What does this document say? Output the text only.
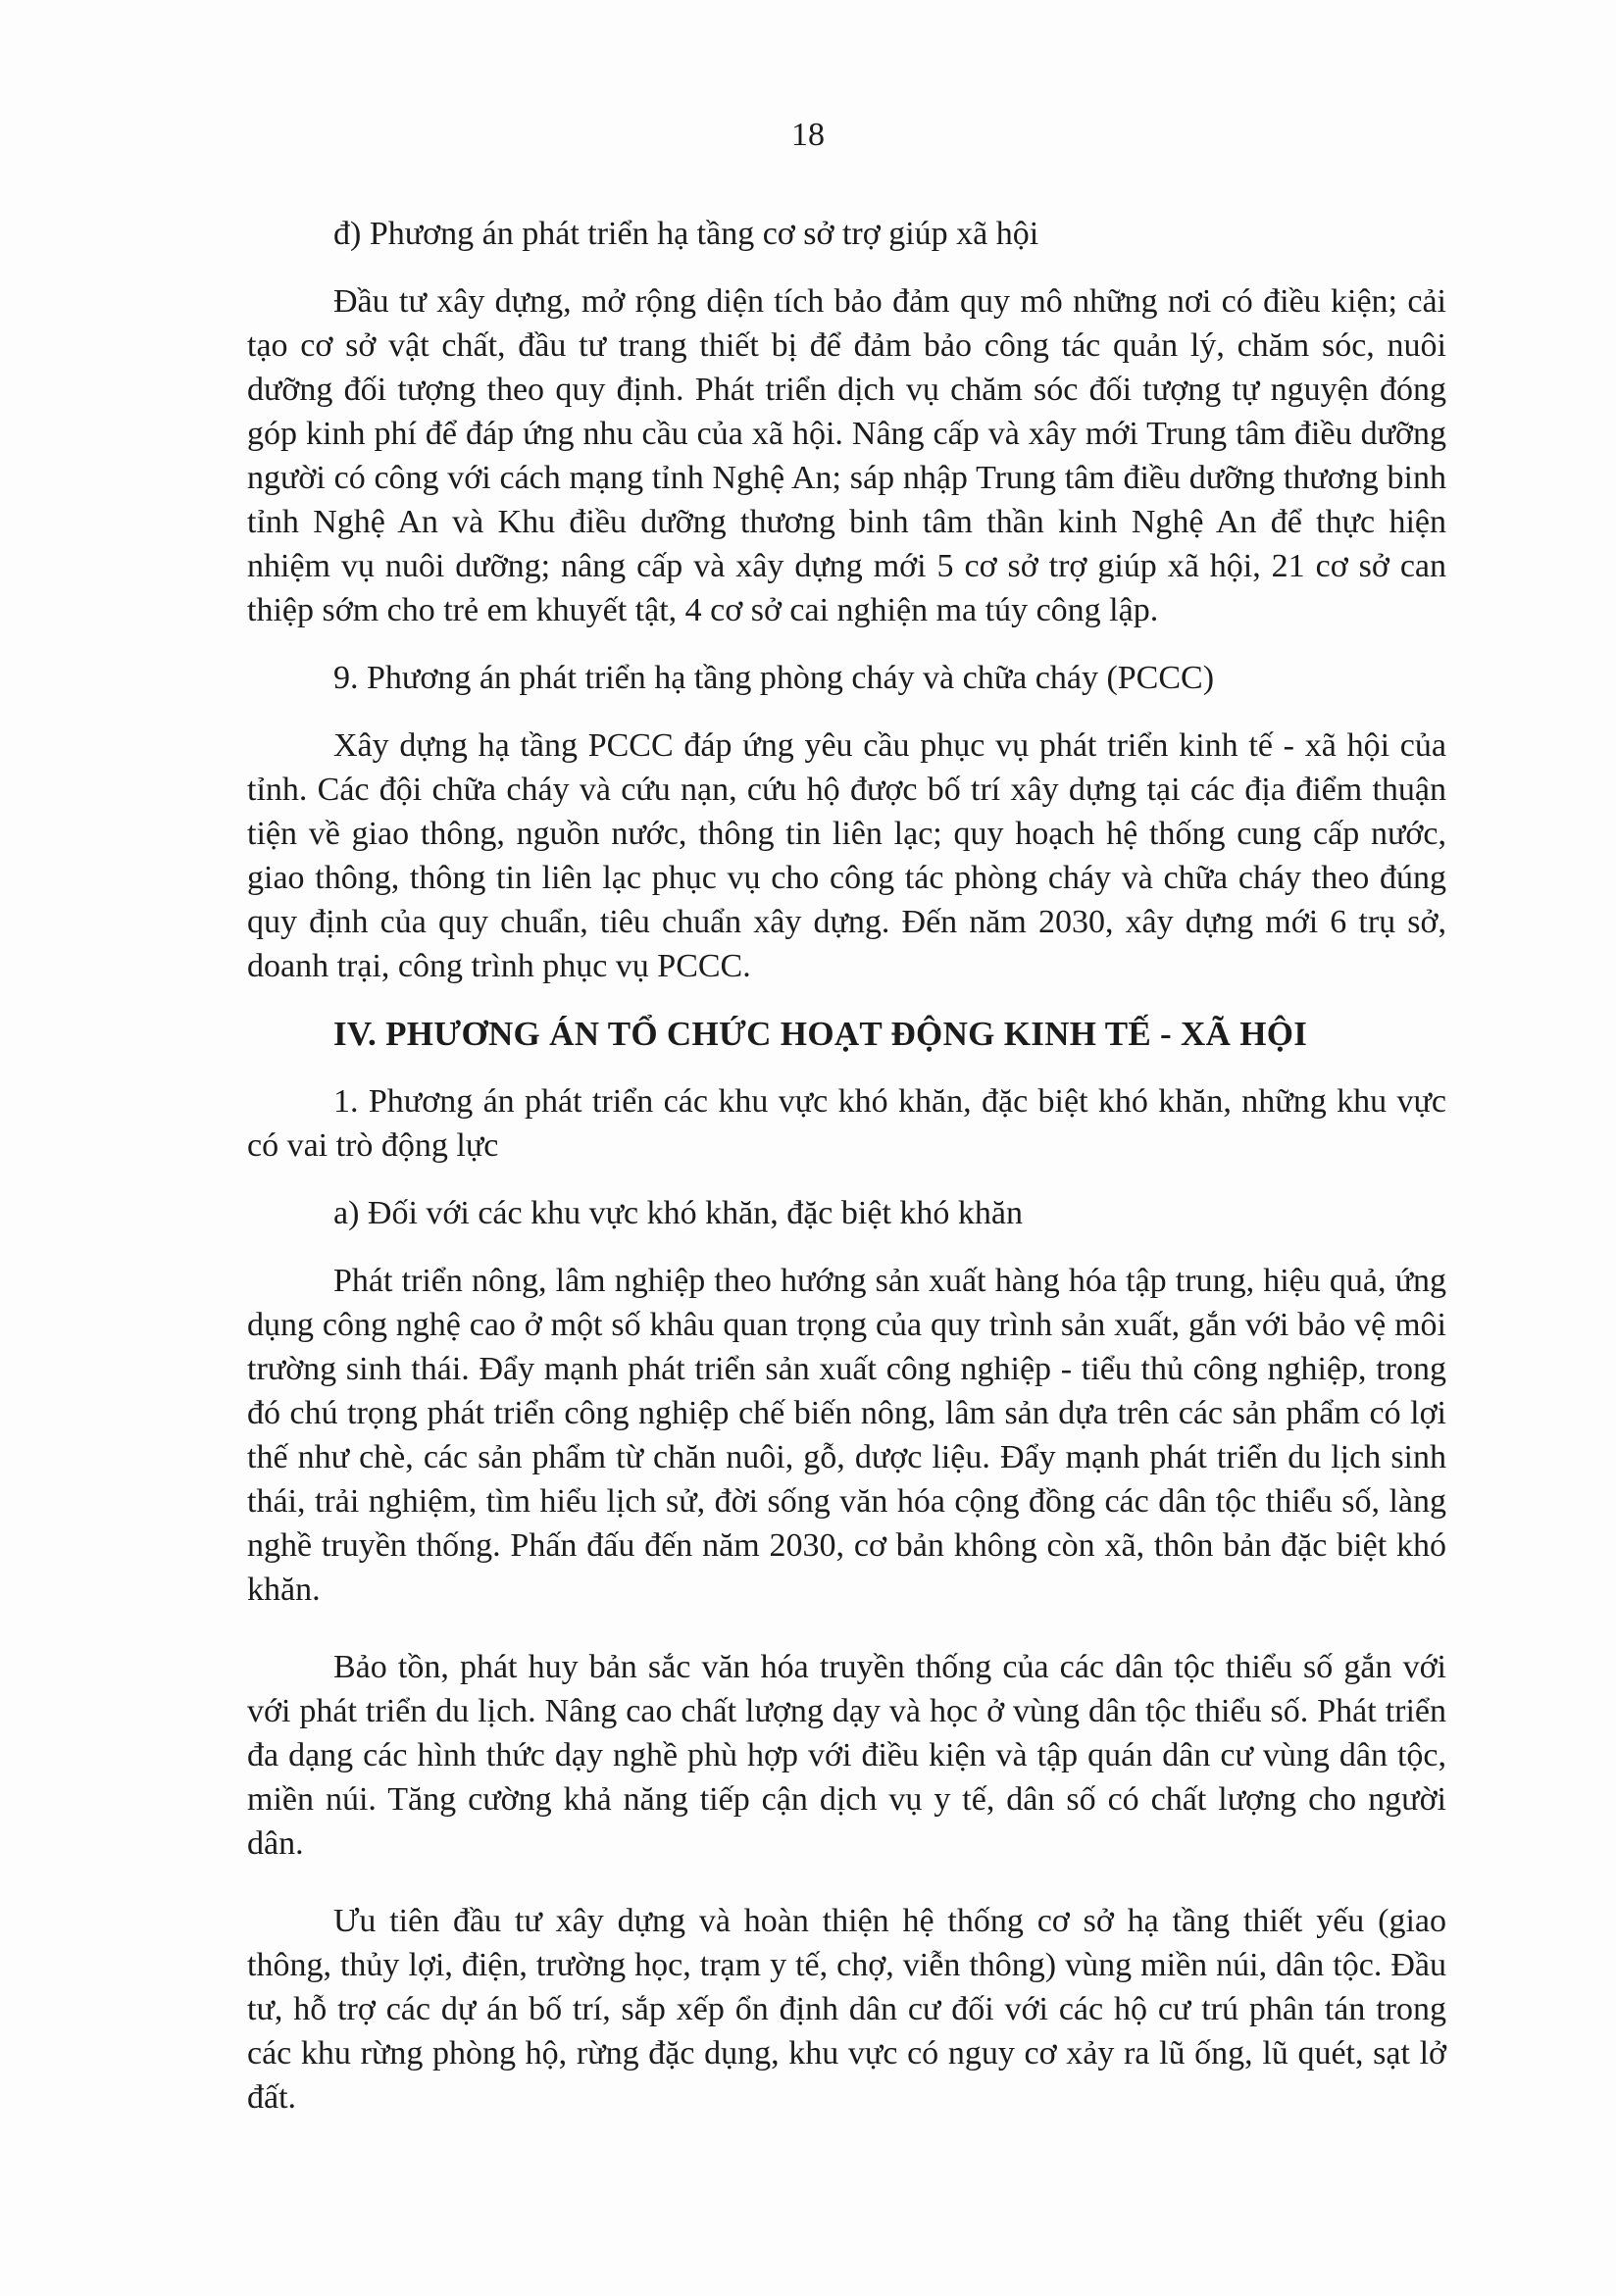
18

đ) Phương án phát triển hạ tầng cơ sở trợ giúp xã hội

Đầu tư xây dựng, mở rộng diện tích bảo đảm quy mô những nơi có điều kiện; cải tạo cơ sở vật chất, đầu tư trang thiết bị để đảm bảo công tác quản lý, chăm sóc, nuôi dưỡng đối tượng theo quy định. Phát triển dịch vụ chăm sóc đối tượng tự nguyện đóng góp kinh phí để đáp ứng nhu cầu của xã hội. Nâng cấp và xây mới Trung tâm điều dưỡng người có công với cách mạng tỉnh Nghệ An; sáp nhập Trung tâm điều dưỡng thương binh tỉnh Nghệ An và Khu điều dưỡng thương binh tâm thần kinh Nghệ An để thực hiện nhiệm vụ nuôi dưỡng; nâng cấp và xây dựng mới 5 cơ sở trợ giúp xã hội, 21 cơ sở can thiệp sớm cho trẻ em khuyết tật, 4 cơ sở cai nghiện ma túy công lập.

9. Phương án phát triển hạ tầng phòng cháy và chữa cháy (PCCC)

Xây dựng hạ tầng PCCC đáp ứng yêu cầu phục vụ phát triển kinh tế - xã hội của tỉnh. Các đội chữa cháy và cứu nạn, cứu hộ được bố trí xây dựng tại các địa điểm thuận tiện về giao thông, nguồn nước, thông tin liên lạc; quy hoạch hệ thống cung cấp nước, giao thông, thông tin liên lạc phục vụ cho công tác phòng cháy và chữa cháy theo đúng quy định của quy chuẩn, tiêu chuẩn xây dựng. Đến năm 2030, xây dựng mới 6 trụ sở, doanh trại, công trình phục vụ PCCC.

IV. PHƯƠNG ÁN TỔ CHỨC HOẠT ĐỘNG KINH TẾ - XÃ HỘI

1. Phương án phát triển các khu vực khó khăn, đặc biệt khó khăn, những khu vực có vai trò động lực

a) Đối với các khu vực khó khăn, đặc biệt khó khăn

Phát triển nông, lâm nghiệp theo hướng sản xuất hàng hóa tập trung, hiệu quả, ứng dụng công nghệ cao ở một số khâu quan trọng của quy trình sản xuất, gắn với bảo vệ môi trường sinh thái. Đẩy mạnh phát triển sản xuất công nghiệp - tiểu thủ công nghiệp, trong đó chú trọng phát triển công nghiệp chế biến nông, lâm sản dựa trên các sản phẩm có lợi thế như chè, các sản phẩm từ chăn nuôi, gỗ, dược liệu. Đẩy mạnh phát triển du lịch sinh thái, trải nghiệm, tìm hiểu lịch sử, đời sống văn hóa cộng đồng các dân tộc thiểu số, làng nghề truyền thống. Phấn đấu đến năm 2030, cơ bản không còn xã, thôn bản đặc biệt khó khăn.

Bảo tồn, phát huy bản sắc văn hóa truyền thống của các dân tộc thiểu số gắn với với phát triển du lịch. Nâng cao chất lượng dạy và học ở vùng dân tộc thiểu số. Phát triển đa dạng các hình thức dạy nghề phù hợp với điều kiện và tập quán dân cư vùng dân tộc, miền núi. Tăng cường khả năng tiếp cận dịch vụ y tế, dân số có chất lượng cho người dân.

Ưu tiên đầu tư xây dựng và hoàn thiện hệ thống cơ sở hạ tầng thiết yếu (giao thông, thủy lợi, điện, trường học, trạm y tế, chợ, viễn thông) vùng miền núi, dân tộc. Đầu tư, hỗ trợ các dự án bố trí, sắp xếp ổn định dân cư đối với các hộ cư trú phân tán trong các khu rừng phòng hộ, rừng đặc dụng, khu vực có nguy cơ xảy ra lũ ống, lũ quét, sạt lở đất.
